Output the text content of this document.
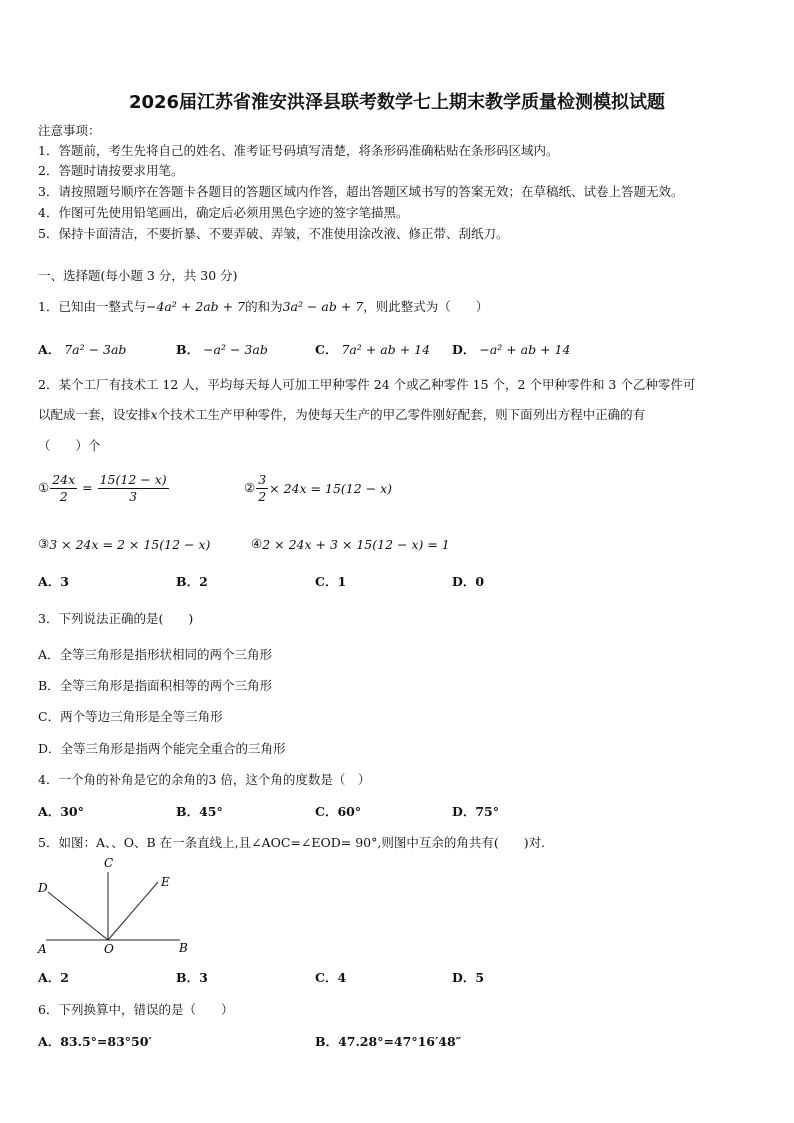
2026届江苏省淮安洪泽县联考数学七上期末教学质量检测模拟试题
注意事项：
1．答题前，考生先将自己的姓名、准考证号码填写清楚，将条形码准确粘贴在条形码区域内。
2．答题时请按要求用笔。
3．请按照题号顺序在答题卡各题目的答题区域内作答，超出答题区域书写的答案无效；在草稿纸、试卷上答题无效。
4．作图可先使用铅笔画出，确定后必须用黑色字迹的签字笔描黑。
5．保持卡面清洁，不要折暴、不要弄破、弄皱，不准使用涂改液、修正带、刮纸刀。
一、选择题(每小题 3 分，共 30 分)
1．已知由一整式与−4a² + 2ab + 7的和为3a² − ab + 7，则此整式为（　　）
A． 7a² − 3ab	B． −a² − 3ab	C． 7a² + ab + 14 D． −a² + ab + 14
2．某个工厂有技术工 12 人，平均每天每人可加工甲种零件 24 个或乙种零件 15 个，2 个甲种零件和 3 个乙种零件可
以配成一套，设安排x个技术工生产甲种零件，为使每天生产的甲乙零件刚好配套，则下面列出方程中正确的有
（　　）个
① $\frac{24x}{2} = \frac{15(12 - x)}{3}$	② $\frac{3}{2} \times 24x = 15(12 - x)$
③3 × 24x = 2 × 15(12 − x)	④2 × 24x + 3 × 15(12 − x) = 1
A．3	B．2	C．1	D．0
3．下列说法正确的是(　　)
A．全等三角形是指形状相同的两个三角形
B．全等三角形是指面积相等的两个三角形
C．两个等边三角形是全等三角形
D．全等三角形是指两个能完全重合的三角形
4．一个角的补角是它的余角的3 倍，这个角的度数是（　）
A．30°	B．45°	C．60°	D．75°
5．如图：A、、O、B 在一条直线上,且∠AOC=∠EOD= 90°,则图中互余的角共有(　　)对.
C
D	E
A	O	B
A．2	B．3	C．4	D．5
6．下列换算中，错误的是（　　）
A．83.5°=83°50′	B．47.28°=47°16′48″
